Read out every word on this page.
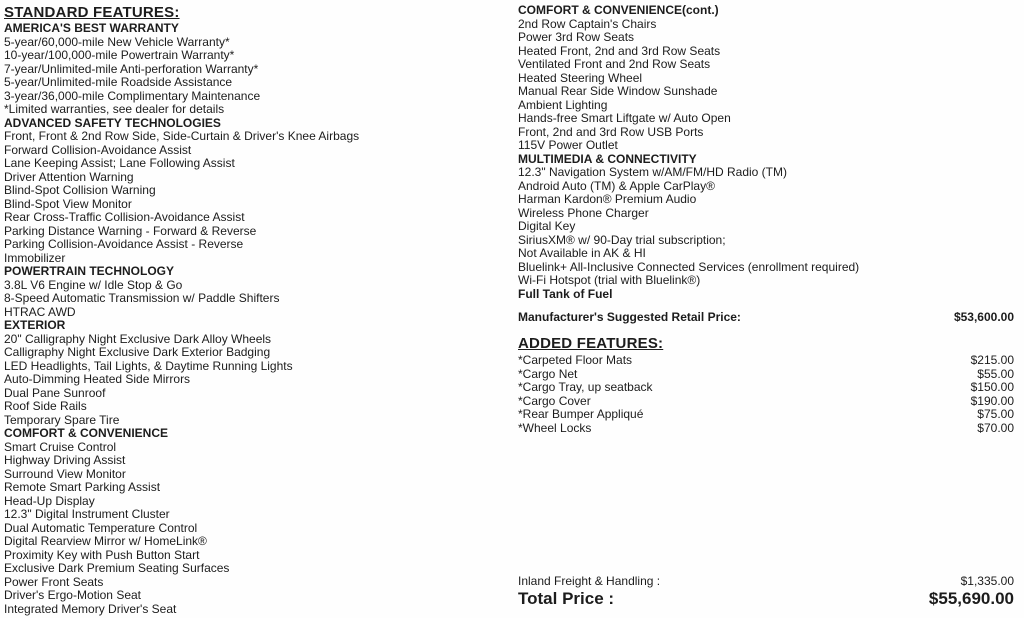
STANDARD FEATURES:
AMERICA'S BEST WARRANTY
5-year/60,000-mile New Vehicle Warranty*
10-year/100,000-mile Powertrain Warranty*
7-year/Unlimited-mile Anti-perforation Warranty*
5-year/Unlimited-mile Roadside Assistance
3-year/36,000-mile Complimentary Maintenance
*Limited warranties, see dealer for details
ADVANCED SAFETY TECHNOLOGIES
Front, Front & 2nd Row Side, Side-Curtain & Driver's Knee Airbags
Forward Collision-Avoidance Assist
Lane Keeping Assist; Lane Following Assist
Driver Attention Warning
Blind-Spot Collision Warning
Blind-Spot View Monitor
Rear Cross-Traffic Collision-Avoidance Assist
Parking Distance Warning - Forward & Reverse
Parking Collision-Avoidance Assist - Reverse
Immobilizer
POWERTRAIN TECHNOLOGY
3.8L V6 Engine w/ Idle Stop & Go
8-Speed Automatic Transmission w/ Paddle Shifters
HTRAC AWD
EXTERIOR
20" Calligraphy Night Exclusive Dark Alloy Wheels
Calligraphy Night Exclusive Dark Exterior Badging
LED Headlights, Tail Lights, & Daytime Running Lights
Auto-Dimming Heated Side Mirrors
Dual Pane Sunroof
Roof Side Rails
Temporary Spare Tire
COMFORT & CONVENIENCE
Smart Cruise Control
Highway Driving Assist
Surround View Monitor
Remote Smart Parking Assist
Head-Up Display
12.3" Digital Instrument Cluster
Dual Automatic Temperature Control
Digital Rearview Mirror w/ HomeLink®
Proximity Key with Push Button Start
Exclusive Dark Premium Seating Surfaces
Power Front Seats
Driver's Ergo-Motion Seat
Integrated Memory Driver's Seat
COMFORT & CONVENIENCE(cont.)
2nd Row Captain's Chairs
Power 3rd Row Seats
Heated Front, 2nd and 3rd Row Seats
Ventilated Front and 2nd Row Seats
Heated Steering Wheel
Manual Rear Side Window Sunshade
Ambient Lighting
Hands-free Smart Liftgate w/ Auto Open
Front, 2nd and 3rd Row USB Ports
115V Power Outlet
MULTIMEDIA & CONNECTIVITY
12.3" Navigation System w/AM/FM/HD Radio (TM)
Android Auto (TM) & Apple CarPlay®
Harman Kardon® Premium Audio
Wireless Phone Charger
Digital Key
SiriusXM® w/ 90-Day trial subscription;
Not Available in AK & HI
Bluelink+ All-Inclusive Connected Services (enrollment required)
Wi-Fi Hotspot (trial with Bluelink®)
Full Tank of Fuel
Manufacturer's Suggested Retail Price:	$53,600.00
ADDED FEATURES:
*Carpeted Floor Mats	$215.00
*Cargo Net	$55.00
*Cargo Tray, up seatback	$150.00
*Cargo Cover	$190.00
*Rear Bumper Appliqué	$75.00
*Wheel Locks	$70.00
Inland Freight & Handling :	$1,335.00
Total Price :	$55,690.00
